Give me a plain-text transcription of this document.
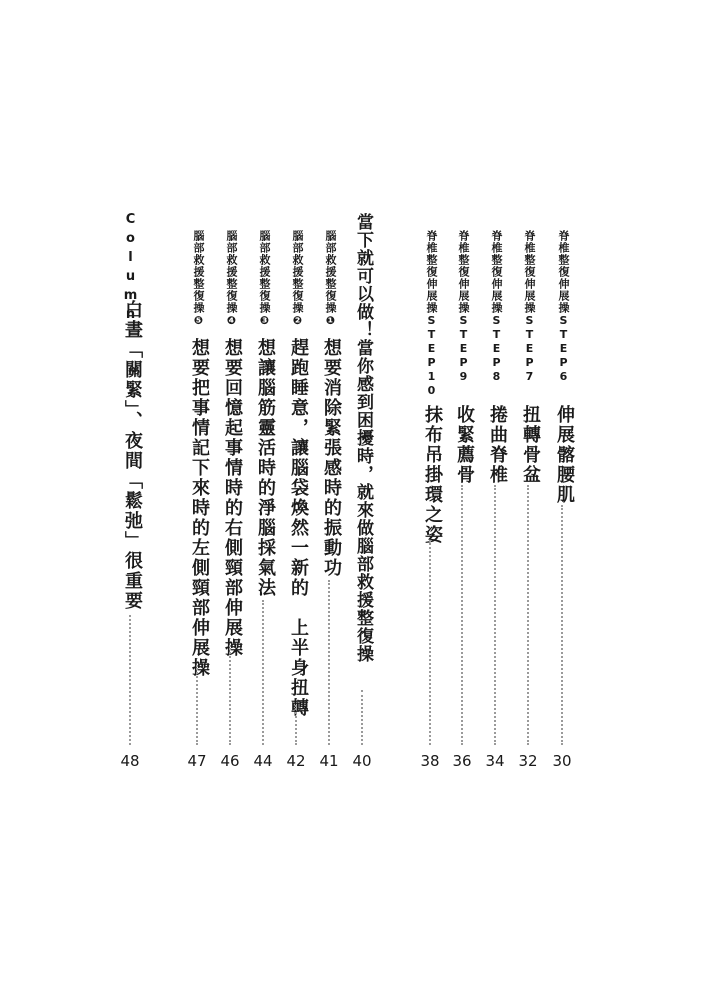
脊椎整復伸展操STEP6
伸展髂腰肌
30
脊椎整復伸展操STEP7
扭轉骨盆
32
脊椎整復伸展操STEP8
捲曲脊椎
34
脊椎整復伸展操STEP9
收緊薦骨
36
脊椎整復伸展操STEP10
抹布吊掛環之姿
38
當下就可以做！當你感到困擾時，就來做腦部救援整復操
40
腦部救援整復操❶
想要消除緊張感時的振動功
41
腦部救援整復操❷
趕跑睡意，讓腦袋煥然一新的　上半身扭轉
42
腦部救援整復操❸
想讓腦筋靈活時的淨腦採氣法
44
腦部救援整復操❹
想要回憶起事情時的右側頸部伸展操
46
腦部救援整復操❺
想要把事情記下來時的左側頸部伸展操
47
Column
白晝「關緊」、夜間「鬆弛」很重要
48
